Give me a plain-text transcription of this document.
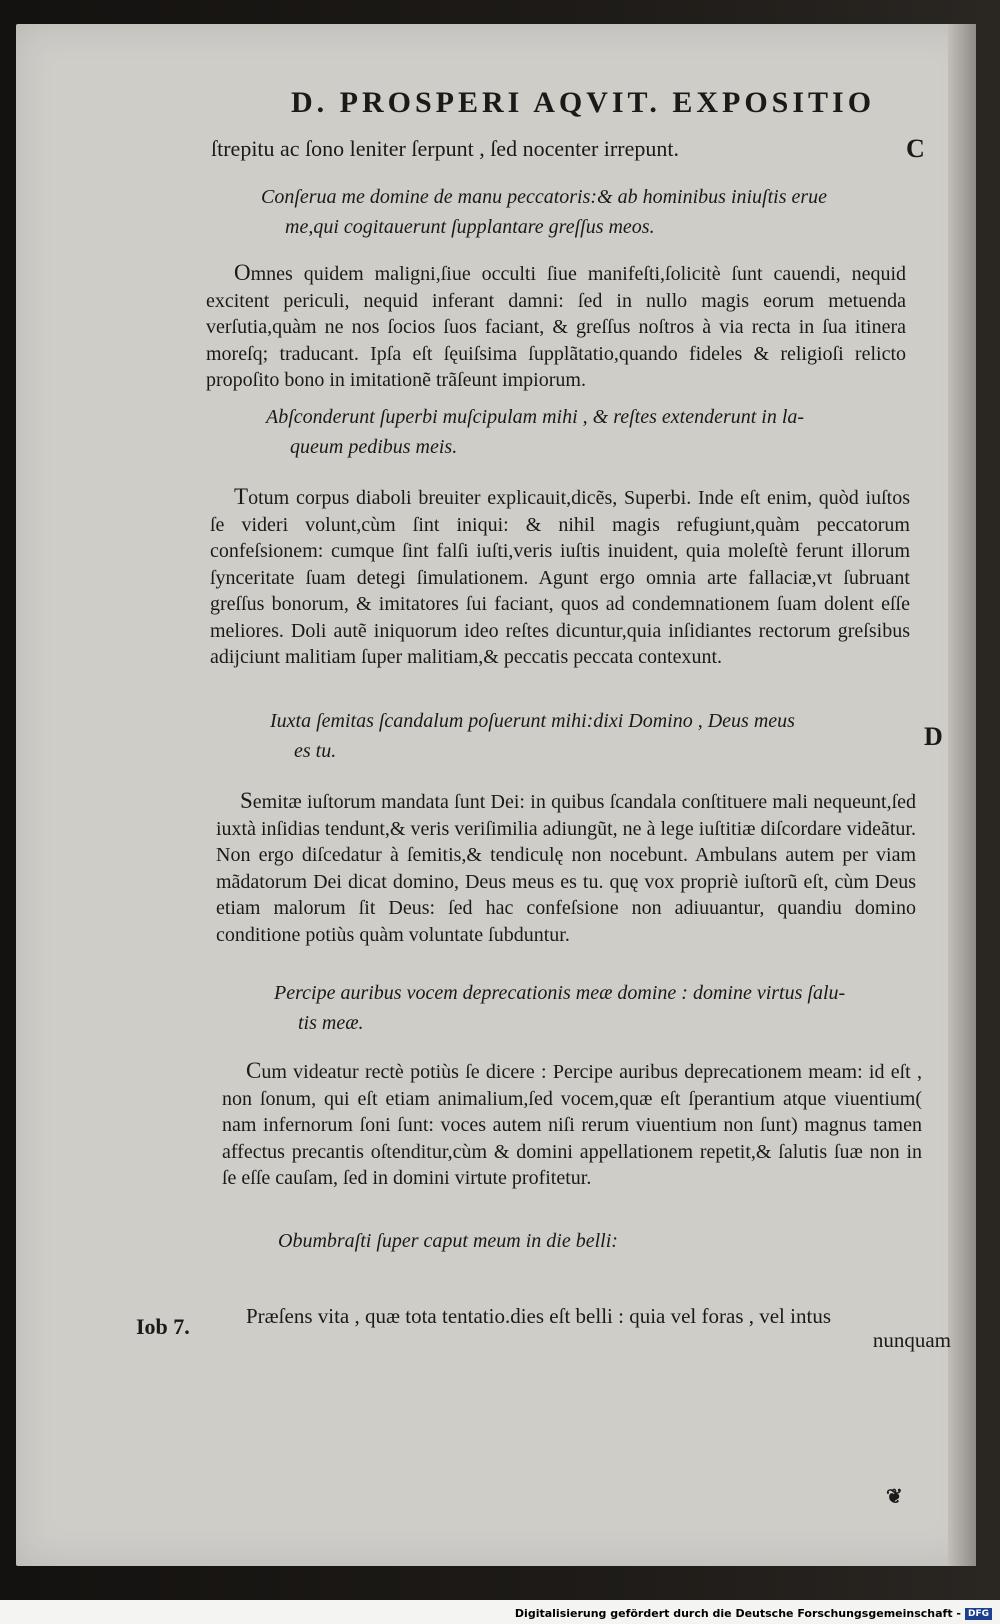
D. PROSPERI AQVIT. EXPOSITIO
ſtrepitu ac ſono leniter ſerpunt , ſed nocenter irrepunt.	C
D
Conſerua me domine de manu peccatoris:& ab hominibus iniuſtis erue
me,qui cogitauerunt ſupplantare greſſus meos.
Omnes quidem maligni,ſiue occulti ſiue manifeſti,ſolicitè ſunt cauendi, nequid excitent periculi, nequid inferant damni: ſed in nullo magis eorum metuenda verſutia,quàm ne nos ſocios ſuos faciant, & greſſus noſtros à via recta in ſua itinera moreſq; traducant. Ipſa eſt ſęuiſsima ſupplãtatio,quando fideles & religioſi relicto propoſito bono in imitationẽ trãſeunt impiorum.
Abſconderunt ſuperbi muſcipulam mihi , & reſtes extenderunt in la-
queum pedibus meis.
Totum corpus diaboli breuiter explicauit,dicẽs, Superbi. Inde eſt enim, quòd iuſtos ſe videri volunt,cùm ſint iniqui: & nihil magis refugiunt,quàm peccatorum confeſsionem: cumque ſint falſi iuſti,veris iuſtis inuident, quia moleſtè ferunt illorum ſynceritate ſuam detegi ſimulationem. Agunt ergo omnia arte fallaciæ,vt ſubruant greſſus bonorum, & imitatores ſui faciant, quos ad condemnationem ſuam dolent eſſe meliores. Doli autẽ iniquorum ideo reſtes dicuntur,quia inſidiantes rectorum greſsibus adijciunt malitiam ſuper malitiam,& peccatis peccata contexunt.
Iuxta ſemitas ſcandalum poſuerunt mihi:dixi Domino , Deus meus
es tu.
Semitæ iuſtorum mandata ſunt Dei: in quibus ſcandala conſtituere mali nequeunt,ſed iuxtà inſidias tendunt,& veris veriſimilia adiungũt, ne à lege iuſtitiæ diſcordare videãtur. Non ergo diſcedatur à ſemitis,& tendiculę non nocebunt. Ambulans autem per viam mãdatorum Dei dicat domino, Deus meus es tu. quę vox propriè iuſtorũ eſt, cùm Deus etiam malorum ſit Deus: ſed hac confeſsione non adiuuantur, quandiu domino conditione potiùs quàm voluntate ſubduntur.
Percipe auribus vocem deprecationis meæ domine : domine virtus ſalu-
tis meæ.
Cum videatur rectè potiùs ſe dicere : Percipe auribus deprecationem meam: id eſt , non ſonum, qui eſt etiam animalium,ſed vocem,quæ eſt ſperantium atque viuentium( nam infernorum ſoni ſunt: voces autem niſi rerum viuentium non ſunt) magnus tamen affectus precantis oſtenditur,cùm & domini appellationem repetit,& ſalutis ſuæ non in ſe eſſe cauſam, ſed in domini virtute profitetur.
Obumbraſti ſuper caput meum in die belli:
Iob 7.	Præſens vita , quæ tota tentatio.dies eſt belli : quia vel foras , vel intus
nunquam
❦
Digitalisierung gefördert durch die Deutsche Forschungsgemeinschaft - DFG
